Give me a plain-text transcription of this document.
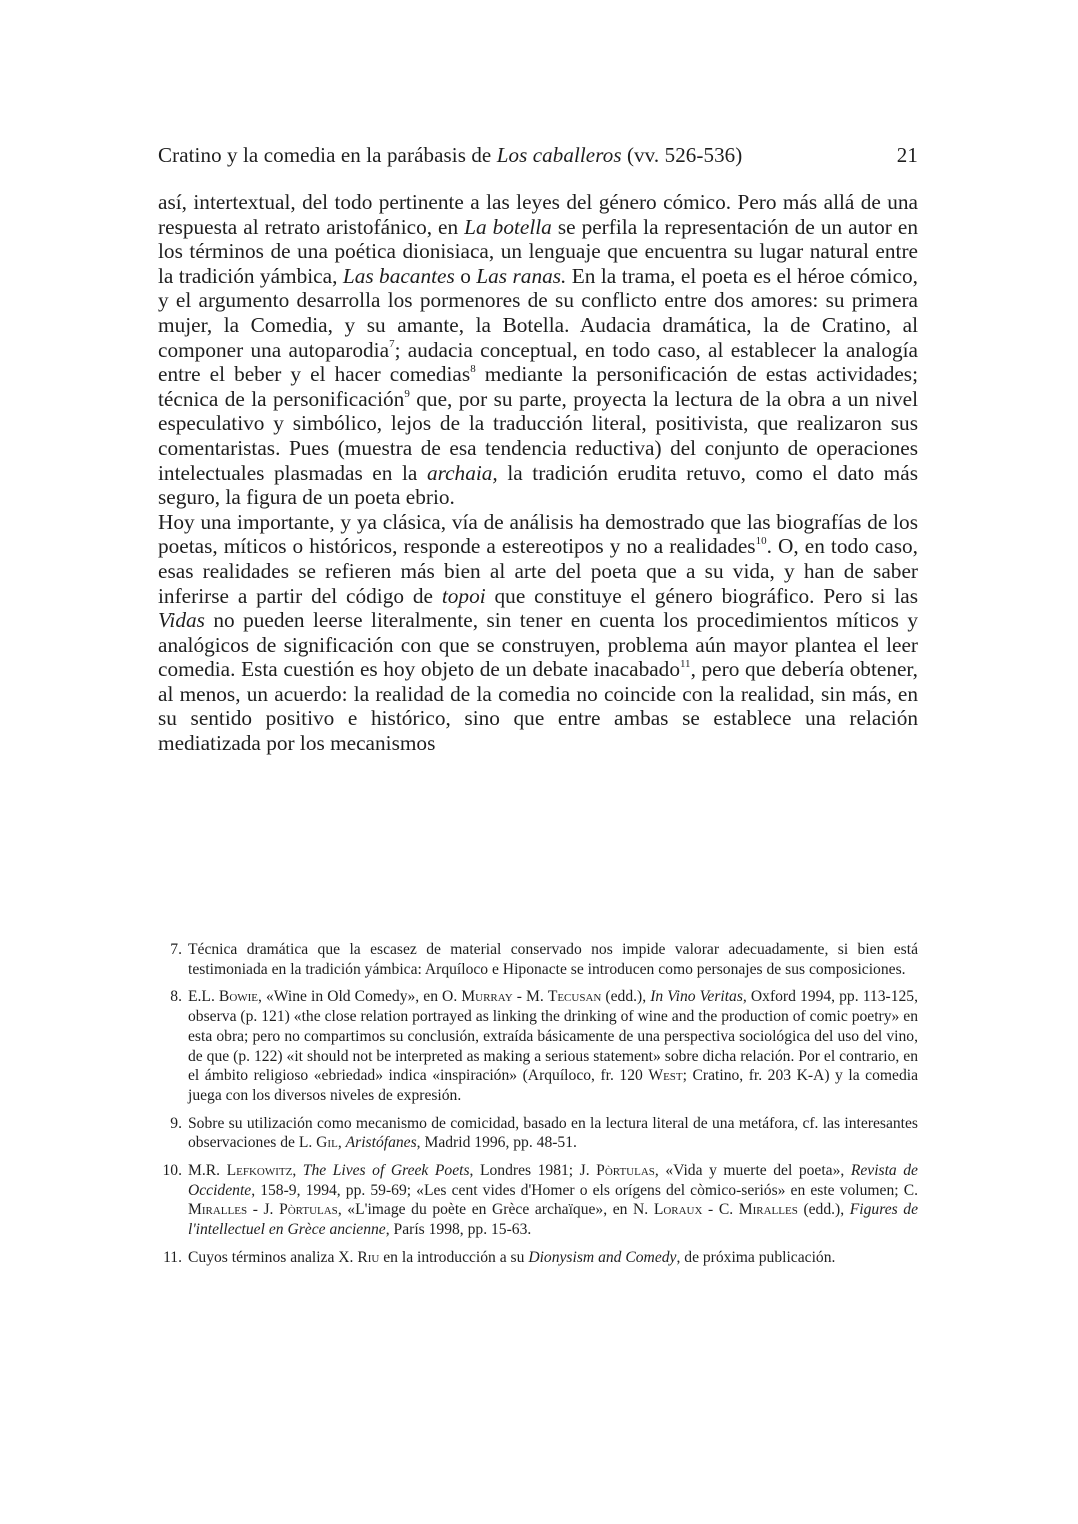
Cratino y la comedia en la parábasis de Los caballeros (vv. 526-536)	21

así, intertextual, del todo pertinente a las leyes del género cómico. Pero más allá de una respuesta al retrato aristofánico, en La botella se perfila la representación de un autor en los términos de una poética dionisiaca, un lenguaje que encuentra su lugar natural entre la tradición yámbica, Las bacantes o Las ranas. En la trama, el poeta es el héroe cómico, y el argumento desarrolla los pormenores de su conflicto entre dos amores: su primera mujer, la Comedia, y su amante, la Botella. Audacia dramática, la de Cratino, al componer una autoparodia$^7$; audacia conceptual, en todo caso, al establecer la analogía entre el beber y el hacer comedias$^8$ mediante la personificación de estas actividades; técnica de la personificación$^9$ que, por su parte, proyecta la lectura de la obra a un nivel especulativo y simbólico, lejos de la traducción literal, positivista, que realizaron sus comentaristas. Pues (muestra de esa tendencia reductiva) del conjunto de operaciones intelectuales plasmadas en la archaia, la tradición erudita retuvo, como el dato más seguro, la figura de un poeta ebrio.

Hoy una importante, y ya clásica, vía de análisis ha demostrado que las biografías de los poetas, míticos o históricos, responde a estereotipos y no a realidades$^{10}$. O, en todo caso, esas realidades se refieren más bien al arte del poeta que a su vida, y han de saber inferirse a partir del código de topoi que constituye el género biográfico. Pero si las Vidas no pueden leerse literalmente, sin tener en cuenta los procedimientos míticos y analógicos de significación con que se construyen, problema aún mayor plantea el leer comedia. Esta cuestión es hoy objeto de un debate inacabado$^{11}$, pero que debería obtener, al menos, un acuerdo: la realidad de la comedia no coincide con la realidad, sin más, en su sentido positivo e histórico, sino que entre ambas se establece una relación mediatizada por los mecanismos

7. Técnica dramática que la escasez de material conservado nos impide valorar adecuadamente, si bien está testimoniada en la tradición yámbica: Arquíloco e Hiponacte se introducen como personajes de sus composiciones.
8. E.L. Bowie, «Wine in Old Comedy», en O. Murray - M. Tecusan (edd.), In Vino Veritas, Oxford 1994, pp. 113-125, observa (p. 121) «the close relation portrayed as linking the drinking of wine and the production of comic poetry» en esta obra; pero no compartimos su conclusión, extraída básicamente de una perspectiva sociológica del uso del vino, de que (p. 122) «it should not be interpreted as making a serious statement» sobre dicha relación. Por el contrario, en el ámbito religioso «ebriedad» indica «inspiración» (Arquíloco, fr. 120 West; Cratino, fr. 203 K-A) y la comedia juega con los diversos niveles de expresión.
9. Sobre su utilización como mecanismo de comicidad, basado en la lectura literal de una metáfora, cf. las interesantes observaciones de L. Gil, Aristófanes, Madrid 1996, pp. 48-51.
10. M.R. Lefkowitz, The Lives of Greek Poets, Londres 1981; J. Pòrtulas, «Vida y muerte del poeta», Revista de Occidente, 158-9, 1994, pp. 59-69; «Les cent vides d'Homer o els orígens del còmico-seriós» en este volumen; C. Miralles - J. Pòrtulas, «L'image du poète en Grèce archaïque», en N. Loraux - C. Miralles (edd.), Figures de l'intellectuel en Grèce ancienne, París 1998, pp. 15-63.
11. Cuyos términos analiza X. Riu en la introducción a su Dionysism and Comedy, de próxima publicación.
